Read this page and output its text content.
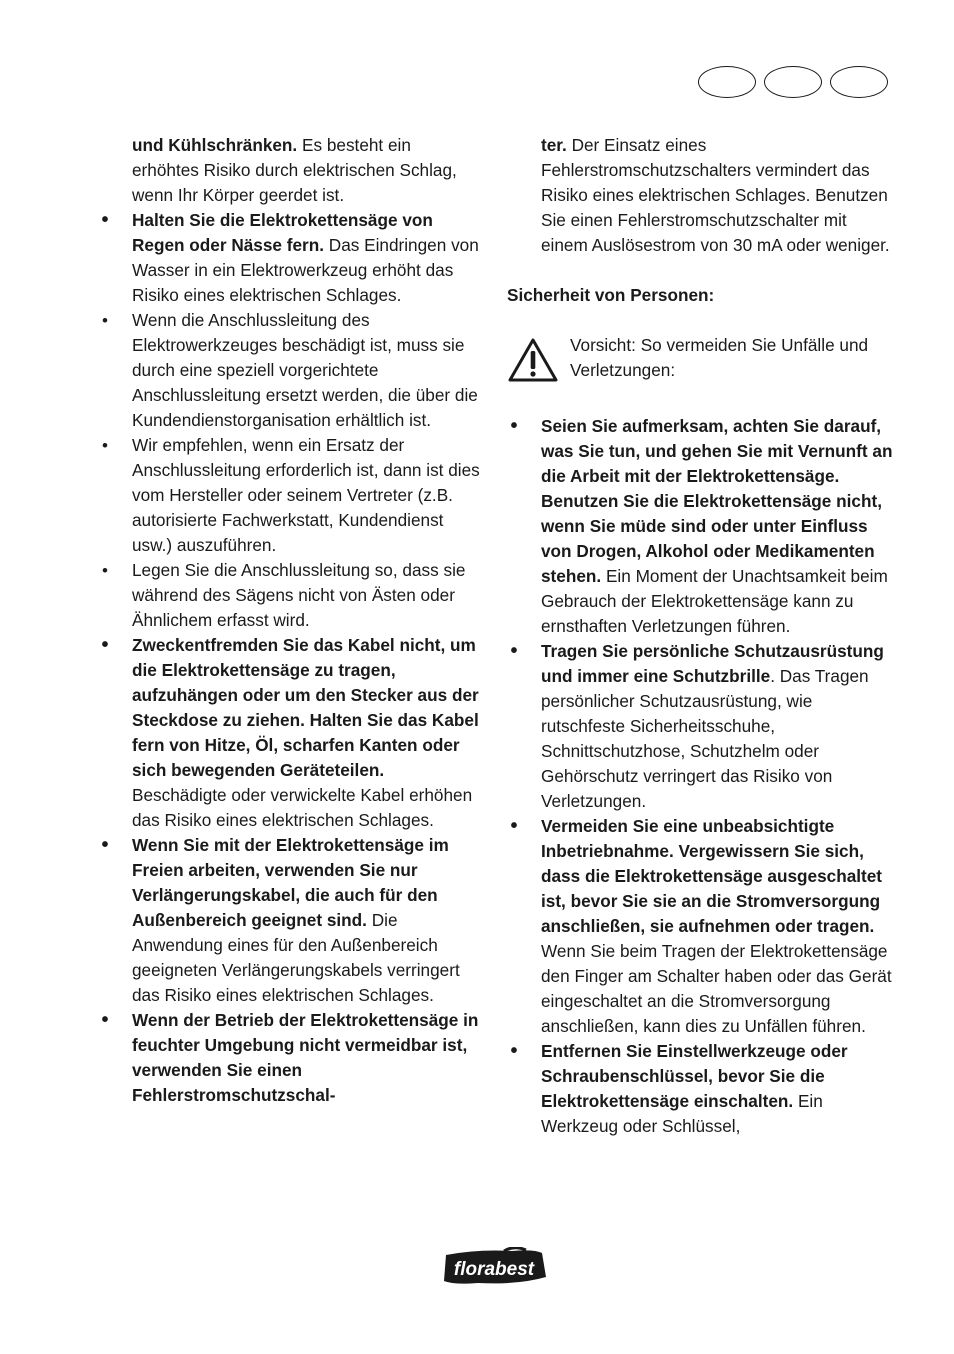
und Kühlschränken. Es besteht ein erhöhtes Risiko durch elektrischen Schlag, wenn Ihr Körper geerdet ist.
• Halten Sie die Elektrokettensäge von Regen oder Nässe fern. Das Eindringen von Wasser in ein Elektrowerkzeug erhöht das Risiko eines elektrischen Schlages.
• Wenn die Anschlussleitung des Elektrowerkzeuges beschädigt ist, muss sie durch eine speziell vorgerichtete Anschlussleitung ersetzt werden, die über die Kundendienstorganisation erhältlich ist.
• Wir empfehlen, wenn ein Ersatz der Anschlussleitung erforderlich ist, dann ist dies vom Hersteller oder seinem Vertreter (z.B. autorisierte Fachwerkstatt, Kundendienst usw.) auszuführen.
• Legen Sie die Anschlussleitung so, dass sie während des Sägens nicht von Ästen oder Ähnlichem erfasst wird.
• Zweckentfremden Sie das Kabel nicht, um die Elektrokettensäge zu tragen, aufzuhängen oder um den Stecker aus der Steckdose zu ziehen. Halten Sie das Kabel fern von Hitze, Öl, scharfen Kanten oder sich bewegenden Geräteteilen. Beschädigte oder verwickelte Kabel erhöhen das Risiko eines elektrischen Schlages.
• Wenn Sie mit der Elektrokettensäge im Freien arbeiten, verwenden Sie nur Verlängerungskabel, die auch für den Außenbereich geeignet sind. Die Anwendung eines für den Außenbereich geeigneten Verlängerungskabels verringert das Risiko eines elektrischen Schlages.
• Wenn der Betrieb der Elektrokettensäge in feuchter Umgebung nicht vermeidbar ist, verwenden Sie einen Fehlerstromschutzschal-
ter. Der Einsatz eines Fehlerstromschutzschalters vermindert das Risiko eines elektrischen Schlages. Benutzen Sie einen Fehlerstromschutzschalter mit einem Auslösestrom von 30 mA oder weniger.
Sicherheit von Personen:
Vorsicht: So vermeiden Sie Unfälle und Verletzungen:
• Seien Sie aufmerksam, achten Sie darauf, was Sie tun, und gehen Sie mit Vernunft an die Arbeit mit der Elektrokettensäge. Benutzen Sie die Elektrokettensäge nicht, wenn Sie müde sind oder unter Einfluss von Drogen, Alkohol oder Medikamenten stehen. Ein Moment der Unachtsamkeit beim Gebrauch der Elektrokettensäge kann zu ernsthaften Verletzungen führen.
• Tragen Sie persönliche Schutzausrüstung und immer eine Schutzbrille. Das Tragen persönlicher Schutzausrüstung, wie rutschfeste Sicherheitsschuhe, Schnittschutzhose, Schutzhelm oder Gehörschutz verringert das Risiko von Verletzungen.
• Vermeiden Sie eine unbeabsichtigte Inbetriebnahme. Vergewissern Sie sich, dass die Elektrokettensäge ausgeschaltet ist, bevor Sie sie an die Stromversorgung anschließen, sie aufnehmen oder tragen. Wenn Sie beim Tragen der Elektrokettensäge den Finger am Schalter haben oder das Gerät eingeschaltet an die Stromversorgung anschließen, kann dies zu Unfällen führen.
• Entfernen Sie Einstellwerkzeuge oder Schraubenschlüssel, bevor Sie die Elektrokettensäge einschalten. Ein Werkzeug oder Schlüssel,
florabest
